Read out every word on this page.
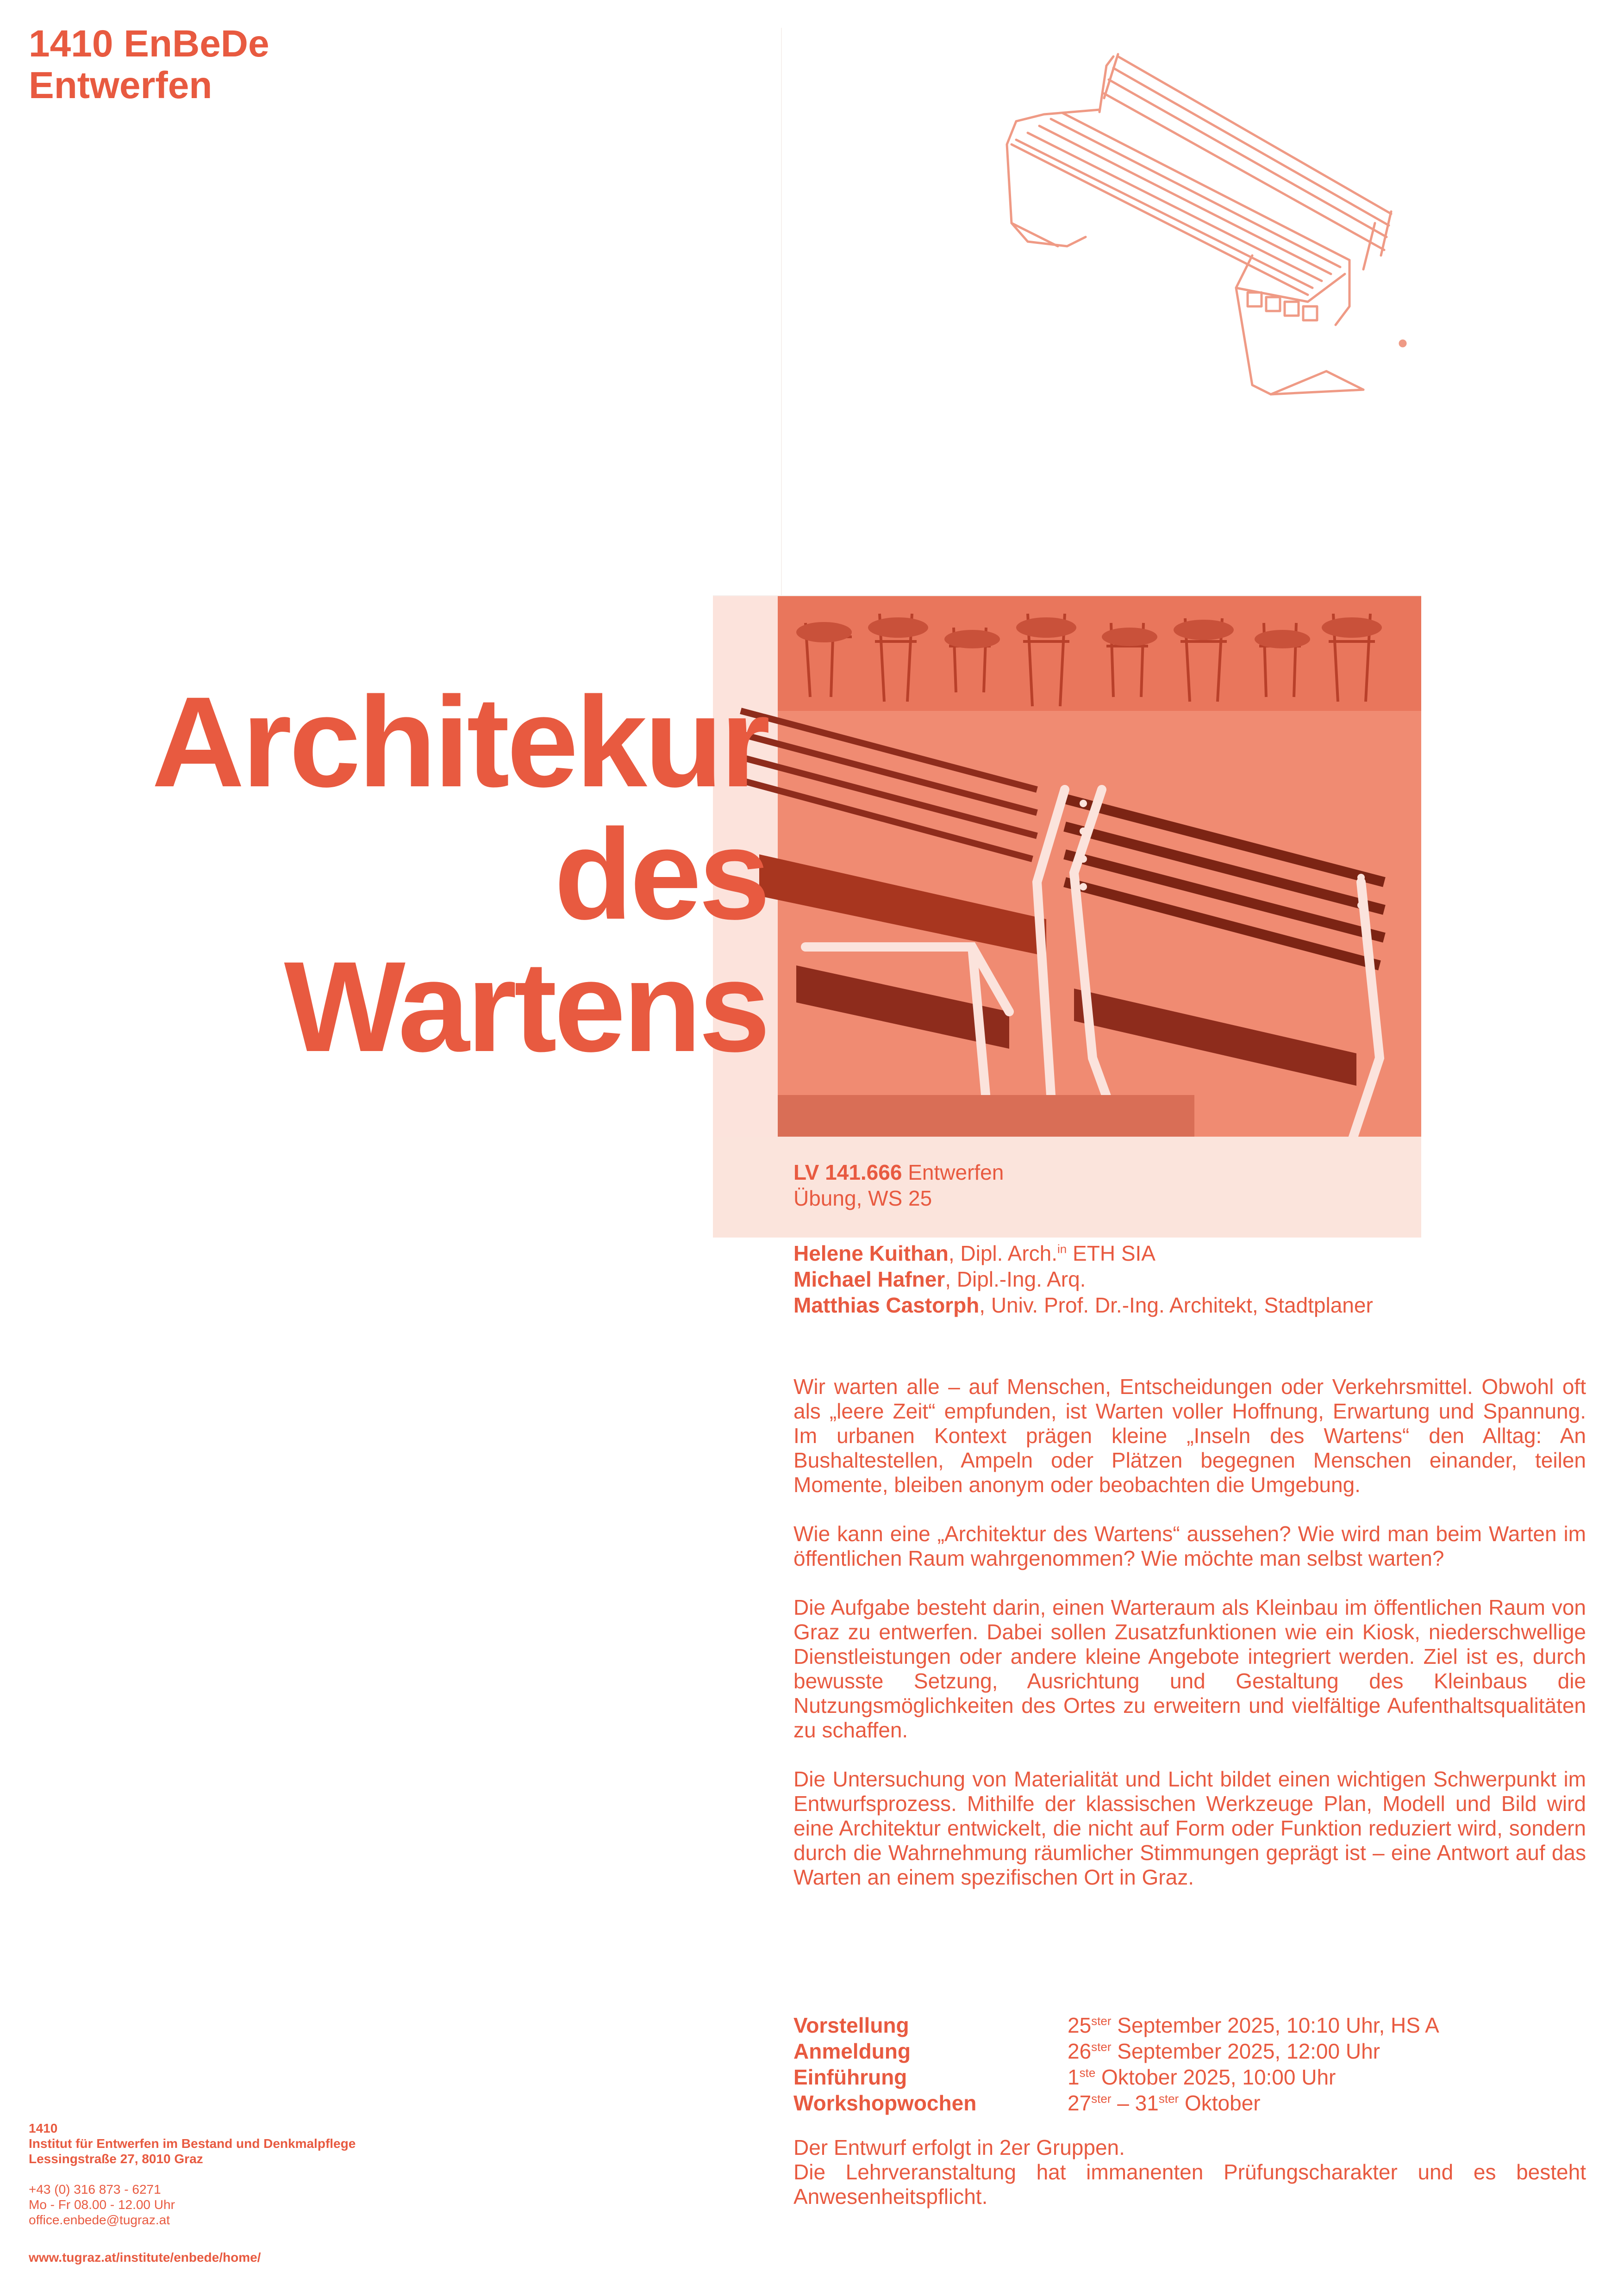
1410 EnBeDe
Entwerfen
Architekur
des
Wartens
LV 141.666 Entwerfen
Übung, WS 25
Helene Kuithan, Dipl. Arch.$^{in}$ ETH SIA
Michael Hafner, Dipl.-Ing. Arq.
Matthias Castorph, Univ. Prof. Dr.-Ing. Architekt, Stadtplaner

Wir warten alle – auf Menschen, Entscheidungen oder Verkehrsmittel. Obwohl oft als „leere Zeit“ empfunden, ist Warten voller Hoffnung, Erwartung und Spannung. Im urbanen Kontext prägen kleine „Inseln des Wartens“ den Alltag: An Bushaltestellen, Ampeln oder Plätzen begegnen Menschen einander, teilen Momente, bleiben anonym oder beobachten die Umgebung.

Wie kann eine „Architektur des Wartens“ aussehen? Wie wird man beim Warten im öffentlichen Raum wahrgenommen? Wie möchte man selbst warten?

Die Aufgabe besteht darin, einen Warteraum als Kleinbau im öffentlichen Raum von Graz zu entwerfen. Dabei sollen Zusatzfunktionen wie ein Kiosk, niederschwellige Dienstleistungen oder andere kleine Angebote integriert werden. Ziel ist es, durch bewusste Setzung, Ausrichtung und Gestaltung des Kleinbaus die Nutzungsmöglichkeiten des Ortes zu erweitern und vielfältige Aufenthaltsqualitäten zu schaffen.

Die Untersuchung von Materialität und Licht bildet einen wichtigen Schwerpunkt im Entwurfsprozess. Mithilfe der klassischen Werkzeuge Plan, Modell und Bild wird eine Architektur entwickelt, die nicht auf Form oder Funktion reduziert wird, sondern durch die Wahrnehmung räumlicher Stimmungen geprägt ist – eine Antwort auf das Warten an einem spezifischen Ort in Graz.

Vorstellung	$25^{ster}$ September 2025, 10:10 Uhr, HS A
Anmeldung	$26^{ster}$ September 2025, 12:00 Uhr
Einführung	1ste Oktober 2025, 10:00 Uhr
Workshopwochen	$27^{ster} - 31^{ster}$ Oktober

Der Entwurf erfolgt in 2er Gruppen.

Die Lehrveranstaltung hat immanenten Prüfungscharakter und es besteht Anwesenheitspflicht.

1410
Institut für Entwerfen im Bestand und Denkmalpflege
Lessingstraße 27, 8010 Graz
+43 (0) 316 873 - 6271
Mo - Fr 08.00 - 12.00 Uhr
office.enbede@tugraz.at
www.tugraz.at/institute/enbede/home/
